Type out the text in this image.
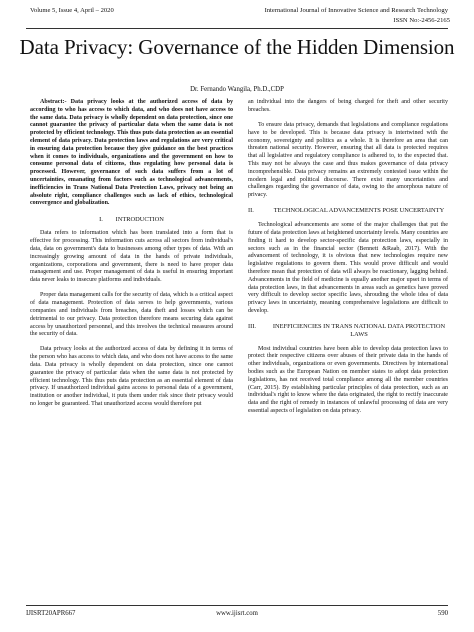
Volume 5, Issue 4, April – 2020	International Journal of Innovative Science and Research Technology
ISSN No:-2456-2165
Data Privacy: Governance of the Hidden Dimension
Dr. Fernando Wangila, Ph.D.,CDP

Abstract:- Data privacy looks at the authorized access of data by according to who has access to which data, and who does not have access to the same data. Data privacy is wholly dependent on data protection, since one cannot guarantee the privacy of particular data when the same data is not protected by efficient technology. This thus puts data protection as an essential element of data privacy. Data protection laws and regulations are very critical in ensuring data protection because they give guidance on the best practices when it comes to individuals, organizations and the government on how to consume personal data of citizens, thus regulating how personal data is processed. However, governance of such data suffers from a lot of uncertainties, emanating from factors such as technological advancements, inefficiencies in Trans National Data Protection Laws, privacy not being an absolute right, compliance challenges such as lack of ethics, technological convergence and globalization.

I. INTRODUCTION

Data refers to information which has been translated into a form that is effective for processing. This information cuts across all sectors from individual's data, data on government's data to businesses among other types of data. With an increasingly growing amount of data in the hands of private individuals, organizations, corporations and government, there is need to have proper data management and use. Proper management of data is useful in ensuring important data never leaks to insecure platforms and individuals.

Proper data management calls for the security of data, which is a critical aspect of data management. Protection of data serves to help governments, various companies and individuals from breaches, data theft and losses which can be detrimental to our privacy. Data protection therefore means securing data against access by unauthorized personnel, and this involves the technical measures around the security of data.

Data privacy looks at the authorized access of data by defining it in terms of the person who has access to which data, and who does not have access to the same data. Data privacy is wholly dependent on data protection, since one cannot guarantee the privacy of particular data when the same data is not protected by efficient technology. This thus puts data protection as an essential element of data privacy. If unauthorized individual gains access to personal data of a government, institution or another individual, it puts them under risk since their privacy would no longer be guaranteed. That unauthorized access would therefore put

an individual into the dangers of being charged for theft and other security breaches.

To ensure data privacy, demands that legislations and compliance regulations have to be developed. This is because data privacy is intertwined with the economy, sovereignty and politics as a whole. It is therefore an area that can threaten national security. However, ensuring that all data is protected requires that all legislative and regulatory compliance is adhered to, to the expected that. This may not be always the case and thus makes governance of data privacy incomprehensible. Data privacy remains an extremely contested issue within the modern legal and political discourse. There exist many uncertainties and challenges regarding the governance of data, owing to the amorphous nature of privacy.

II.	TECHNOLOGICAL ADVANCEMENTS POSE UNCERTAINTY

Technological advancements are some of the major challenges that put the future of data protection laws at heightened uncertainty levels. Many countries are finding it hard to develop sector-specific data protection laws, especially in sectors such as in the financial sector (Bennett &Raab, 2017). With the advancement of technology, it is obvious that new technologies require new legislative regulations to govern them. This would prove difficult and would therefore mean that protection of data will always be reactionary, lagging behind. Advancements in the field of medicine is equally another major upset in terms of data protection laws, in that advancements in areas such as genetics have proved very difficult to develop sector specific laws, shrouding the whole idea of data privacy laws in uncertainty, meaning comprehensive legislations are difficult to develop.

III.	INEFFICIENCIES IN TRANS NATIONAL DATA PROTECTION LAWS

Most individual countries have been able to develop data protection laws to protect their respective citizens over abuses of their private data in the hands of other individuals, organizations or even governments. Directives by international bodies such as the European Nation on member states to adopt data protection legislations, has not received total compliance among all the member countries (Carr, 2015). By establishing particular principles of data protection, such as an individual's right to know where the data originated, the right to rectify inaccurate data and the right of remedy in instances of unlawful processing of data are very essential aspects of legislation on data privacy.

IJISRT20APR667	www.ijisrt.com	590
